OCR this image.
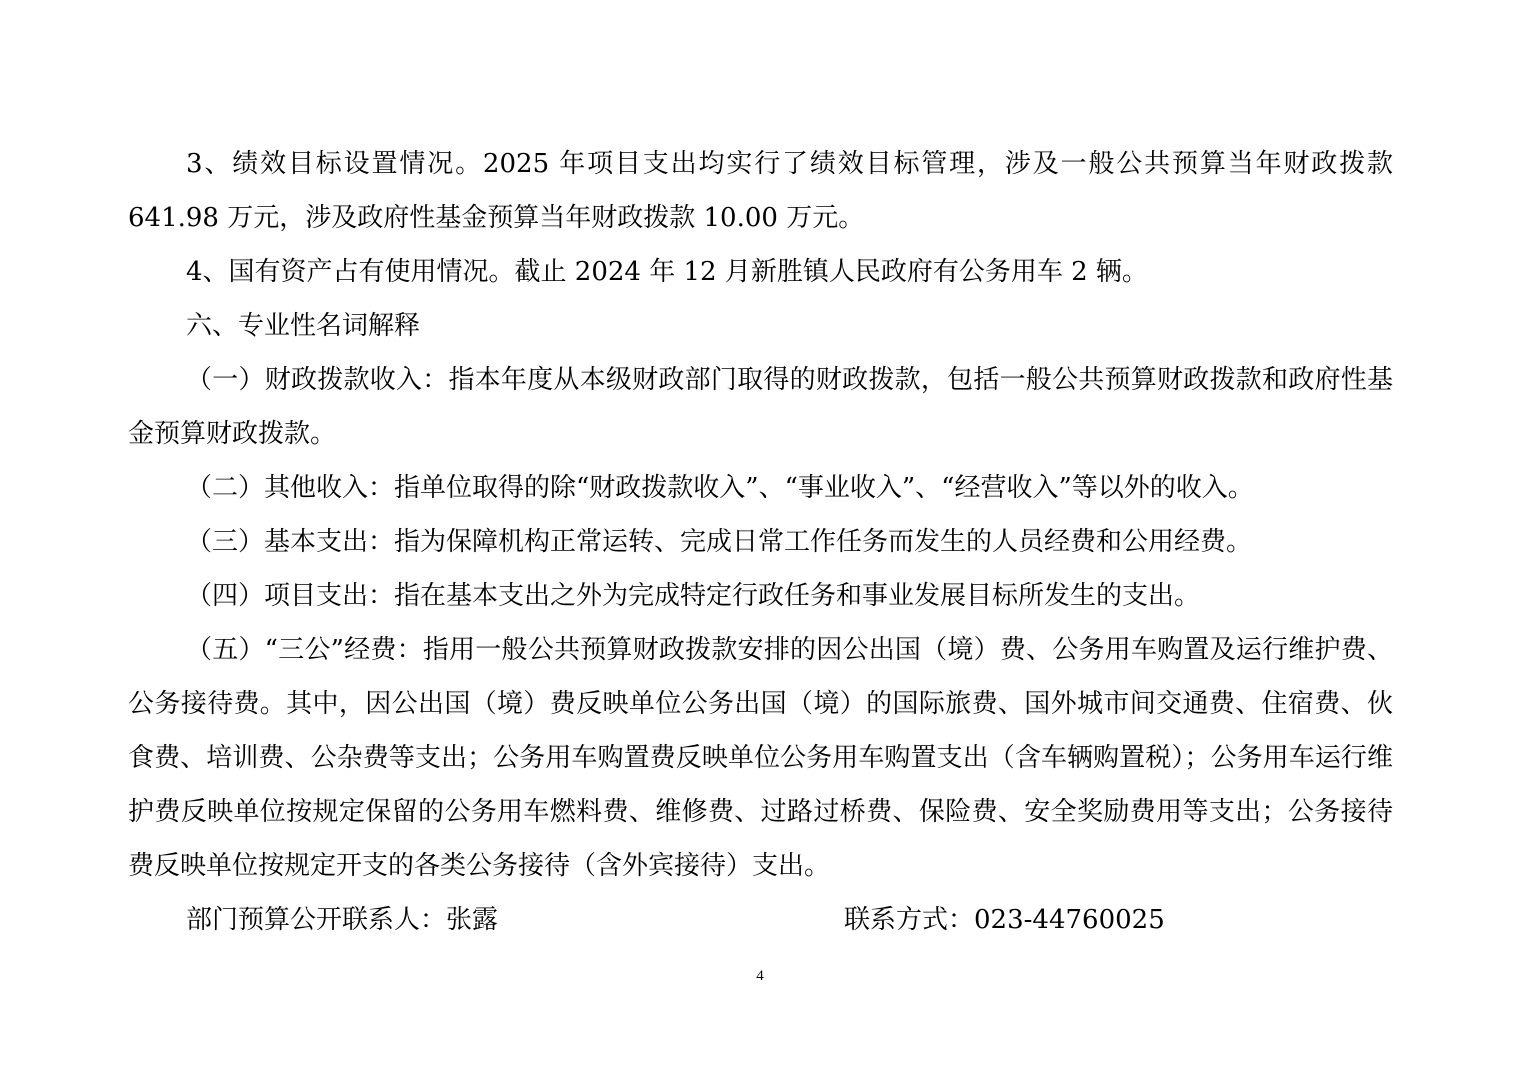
3、绩效目标设置情况。2025 年项目支出均实行了绩效目标管理，涉及一般公共预算当年财政拨款 641.98 万元，涉及政府性基金预算当年财政拨款 10.00 万元。

4、国有资产占有使用情况。截止 2024 年 12 月新胜镇人民政府有公务用车 2 辆。

六、专业性名词解释

（一）财政拨款收入：指本年度从本级财政部门取得的财政拨款，包括一般公共预算财政拨款和政府性基金预算财政拨款。

（二）其他收入：指单位取得的除“财政拨款收入”、“事业收入”、“经营收入”等以外的收入。

（三）基本支出：指为保障机构正常运转、完成日常工作任务而发生的人员经费和公用经费。

（四）项目支出：指在基本支出之外为完成特定行政任务和事业发展目标所发生的支出。

（五）“三公”经费：指用一般公共预算财政拨款安排的因公出国（境）费、公务用车购置及运行维护费、公务接待费。其中，因公出国（境）费反映单位公务出国（境）的国际旅费、国外城市间交通费、住宿费、伙食费、培训费、公杂费等支出；公务用车购置费反映单位公务用车购置支出（含车辆购置税）；公务用车运行维护费反映单位按规定保留的公务用车燃料费、维修费、过路过桥费、保险费、安全奖励费用等支出；公务接待费反映单位按规定开支的各类公务接待（含外宾接待）支出。

部门预算公开联系人：张露	联系方式：023-44760025
4
